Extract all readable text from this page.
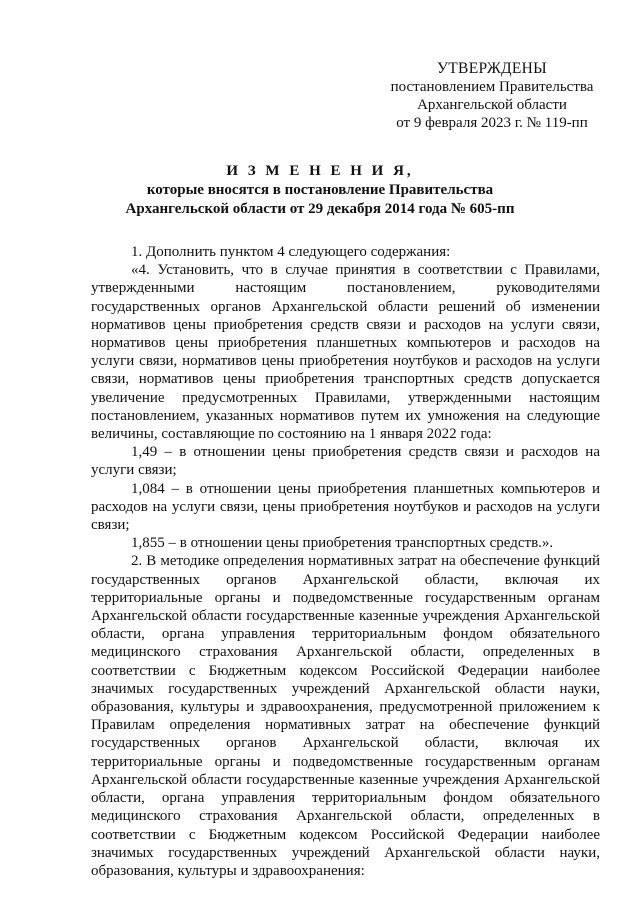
УТВЕРЖДЕНЫ
постановлением Правительства
Архангельской области
от 9 февраля 2023 г. № 119-пп
И З М Е Н Е Н И Я,
которые вносятся в постановление Правительства
Архангельской области от 29 декабря 2014 года № 605-пп

1. Дополнить пунктом 4 следующего содержания:

«4. Установить, что в случае принятия в соответствии с Правилами, утвержденными настоящим постановлением, руководителями государственных органов Архангельской области решений об изменении нормативов цены приобретения средств связи и расходов на услуги связи, нормативов цены приобретения планшетных компьютеров и расходов на услуги связи, нормативов цены приобретения ноутбуков и расходов на услуги связи, нормативов цены приобретения транспортных средств допускается увеличение предусмотренных Правилами, утвержденными настоящим постановлением, указанных нормативов путем их умножения на следующие величины, составляющие по состоянию на 1 января 2022 года:

1,49 – в отношении цены приобретения средств связи и расходов на услуги связи;

1,084 – в отношении цены приобретения планшетных компьютеров и расходов на услуги связи, цены приобретения ноутбуков и расходов на услуги связи;

1,855 – в отношении цены приобретения транспортных средств.».

2. В методике определения нормативных затрат на обеспечение функций государственных органов Архангельской области, включая их территориальные органы и подведомственные государственным органам Архангельской области государственные казенные учреждения Архангельской области, органа управления территориальным фондом обязательного медицинского страхования Архангельской области, определенных в соответствии с Бюджетным кодексом Российской Федерации наиболее значимых государственных учреждений Архангельской области науки, образования, культуры и здравоохранения, предусмотренной приложением к Правилам определения нормативных затрат на обеспечение функций государственных органов Архангельской области, включая их территориальные органы и подведомственные государственным органам Архангельской области государственные казенные учреждения Архангельской области, органа управления территориальным фондом обязательного медицинского страхования Архангельской области, определенных в соответствии с Бюджетным кодексом Российской Федерации наиболее значимых государственных учреждений Архангельской области науки, образования, культуры и здравоохранения:
